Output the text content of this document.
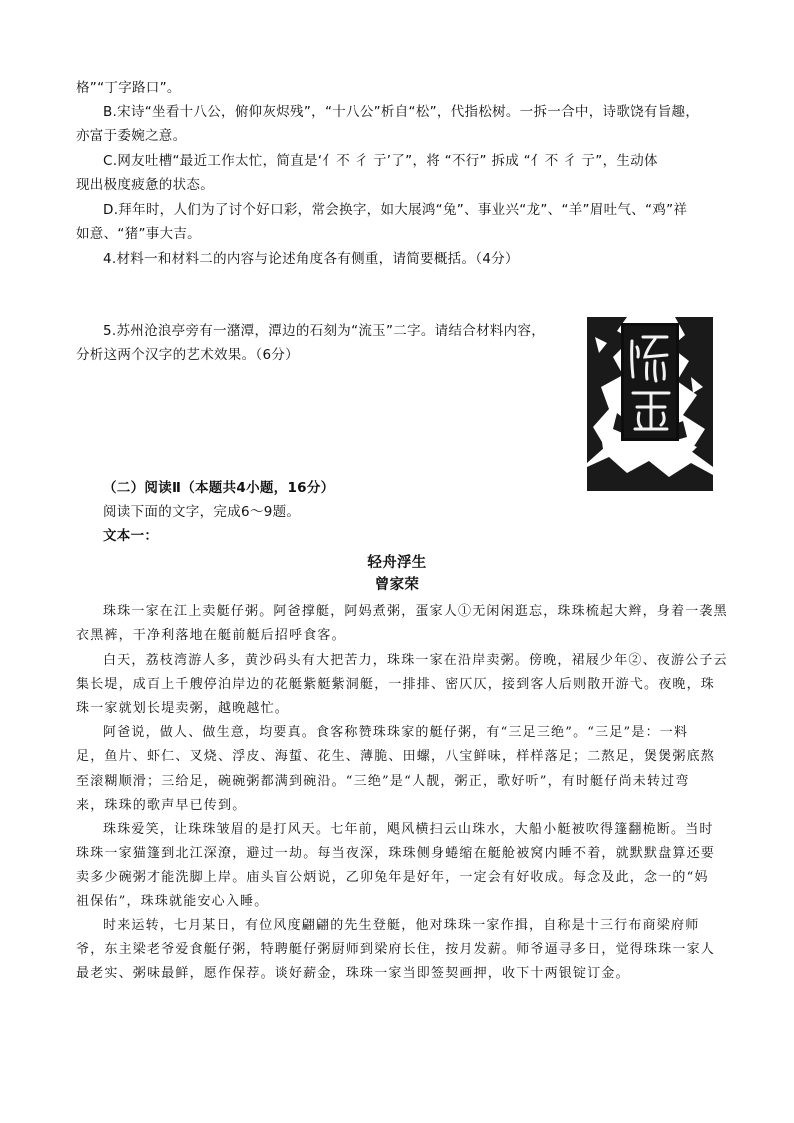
格”“丁字路口”。
B.宋诗“坐看十八公，俯仰灰烬残”，“十八公”析自“松”，代指松树。一拆一合中，诗歌饶有旨趣，
亦富于委婉之意。
C.网友吐槽“最近工作太忙，简直是‘亻不 彳 亍’了”，将 “不行” 拆成 “亻不 彳 亍”，生动体
现出极度疲惫的状态。
D.拜年时，人们为了讨个好口彩，常会换字，如大展鸿“兔”、事业兴“龙”、“羊”眉吐气、“鸡”祥
如意、“猪”事大吉。
4.材料一和材料二的内容与论述角度各有侧重，请简要概括。（4分）
5.苏州沧浪亭旁有一潴潭，潭边的石刻为“流玉”二字。请结合材料内容，
分析这两个汉字的艺术效果。（6分）
（二）阅读Ⅱ（本题共4小题，16分）
阅读下面的文字，完成6～9题。
文本一：
轻舟浮生
曾家荣
珠珠一家在江上卖艇仔粥。阿爸撑艇，阿妈煮粥，蛋家人①无闲闲逛忘，珠珠梳起大辫，身着一袭黑
衣黑裤，干净利落地在艇前艇后招呼食客。
白天，荔枝湾游人多，黄沙码头有大把苦力，珠珠一家在沿岸卖粥。傍晚，裙屐少年②、夜游公子云
集长堤，成百上千艘停泊岸边的花艇紫艇紫洞艇，一排排、密仄仄，接到客人后则散开游弋。夜晚，珠
珠一家就划长堤卖粥，越晚越忙。
阿爸说，做人、做生意，均要真。食客称赞珠珠家的艇仔粥，有“三足三绝”。“三足”是：一料
足，鱼片、虾仁、叉烧、浮皮、海蜇、花生、薄脆、田螺，八宝鲜味，样样落足；二熬足，煲煲粥底熬
至滚糊顺滑；三给足，碗碗粥都满到碗沿。“三绝”是“人靓，粥正，歌好听”，有时艇仔尚未转过弯
来，珠珠的歌声早已传到。
珠珠爱笑，让珠珠皱眉的是打风天。七年前，飓风横扫云山珠水，大船小艇被吹得篷翻桅断。当时
珠珠一家猫篷到北江深潦，避过一劫。每当夜深，珠珠侧身蜷缩在艇舱被窝内睡不着，就默默盘算还要
卖多少碗粥才能洗脚上岸。庙头盲公炳说，乙卯兔年是好年，一定会有好收成。每念及此，念一的“妈
祖保佑”，珠珠就能安心入睡。
时来运转，七月某日，有位风度翩翩的先生登艇，他对珠珠一家作揖，自称是十三行布商梁府师
爷，东主梁老爷爱食艇仔粥，特聘艇仔粥厨师到梁府长住，按月发薪。师爷逼寻多日，觉得珠珠一家人
最老实、粥味最鲜，愿作保荐。谈好薪金，珠珠一家当即签契画押，收下十两银锭订金。
